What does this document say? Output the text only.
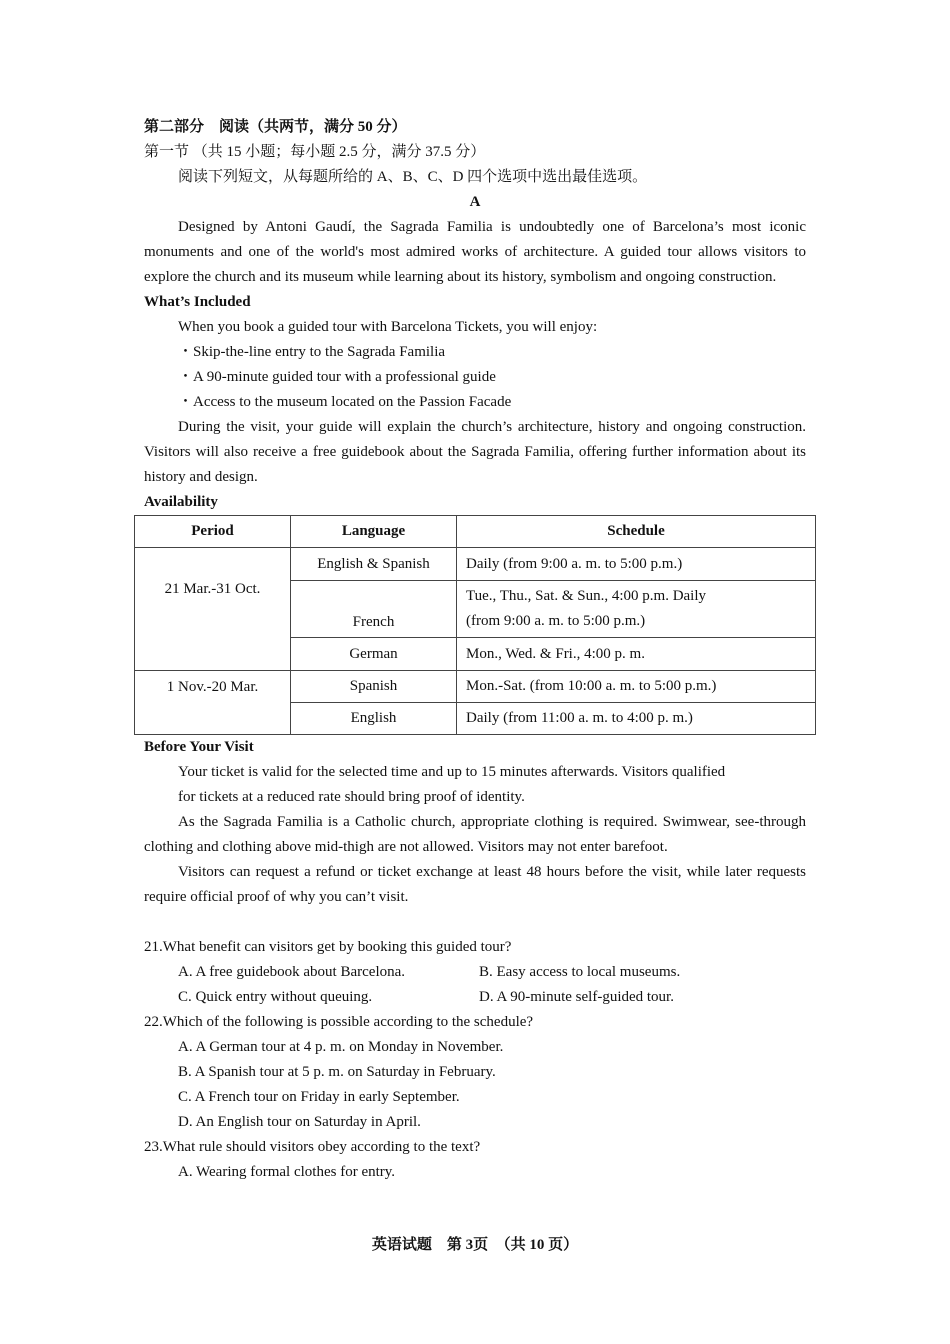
第二部分　阅读（共两节，满分 50 分）
第一节 （共 15 小题；每小题 2.5 分，满分 37.5 分）
阅读下列短文，从每题所给的 A、B、C、D 四个选项中选出最佳选项。
A
Designed by Antoni Gaudí, the Sagrada Familia is undoubtedly one of Barcelona’s most iconic monuments and one of the world's most admired works of architecture. A guided tour allows visitors to explore the church and its museum while learning about its history, symbolism and ongoing construction.
What’s Included
When you book a guided tour with Barcelona Tickets, you will enjoy:
・Skip-the-line entry to the Sagrada Familia
・A 90-minute guided tour with a professional guide
・Access to the museum located on the Passion Facade
During the visit, your guide will explain the church’s architecture, history and ongoing construction. Visitors will also receive a free guidebook about the Sagrada Familia, offering further information about its history and design.
Availability
Period	Language	Schedule
21 Mar.-31 Oct.	English & Spanish	Daily (from 9:00 a. m. to 5:00 p.m.)
	French	Tue., Thu., Sat. & Sun., 4:00 p.m. Daily
(from 9:00 a. m. to 5:00 p.m.)

	German	Mon., Wed. & Fri., 4:00 p. m.
1 Nov.-20 Mar.	Spanish	Mon.-Sat. (from 10:00 a. m. to 5:00 p.m.)
	English	Daily (from 11:00 a. m. to 4:00 p. m.)
Before Your Visit
Your ticket is valid for the selected time and up to 15 minutes afterwards. Visitors qualified
for tickets at a reduced rate should bring proof of identity.
As the Sagrada Familia is a Catholic church, appropriate clothing is required. Swimwear, see-through clothing and clothing above mid-thigh are not allowed. Visitors may not enter barefoot.
Visitors can request a refund or ticket exchange at least 48 hours before the visit, while later requests require official proof of why you can’t visit.
21.What benefit can visitors get by booking this guided tour?
A. A free guidebook about Barcelona.	B. Easy access to local museums.
C. Quick entry without queuing.	D. A 90-minute self-guided tour.
22.Which of the following is possible according to the schedule?
A. A German tour at 4 p. m. on Monday in November.
B. A Spanish tour at 5 p. m. on Saturday in February.
C. A French tour on Friday in early September.
D. An English tour on Saturday in April.
23.What rule should visitors obey according to the text?
A. Wearing formal clothes for entry.
英语试题　第 3页　（共 10 页）
